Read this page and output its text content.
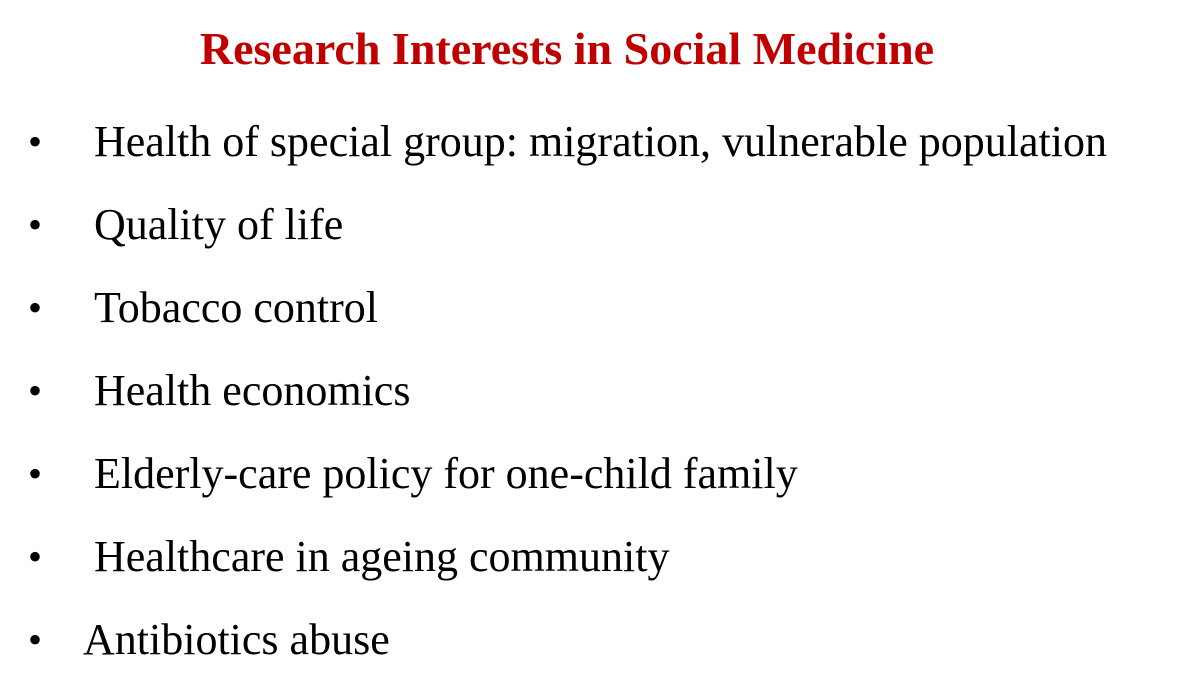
Research Interests in Social Medicine
• Health of special group: migration, vulnerable population
• Quality of life
• Tobacco control
• Health economics
• Elderly-care policy for one-child family
• Healthcare in ageing community
• Antibiotics abuse
